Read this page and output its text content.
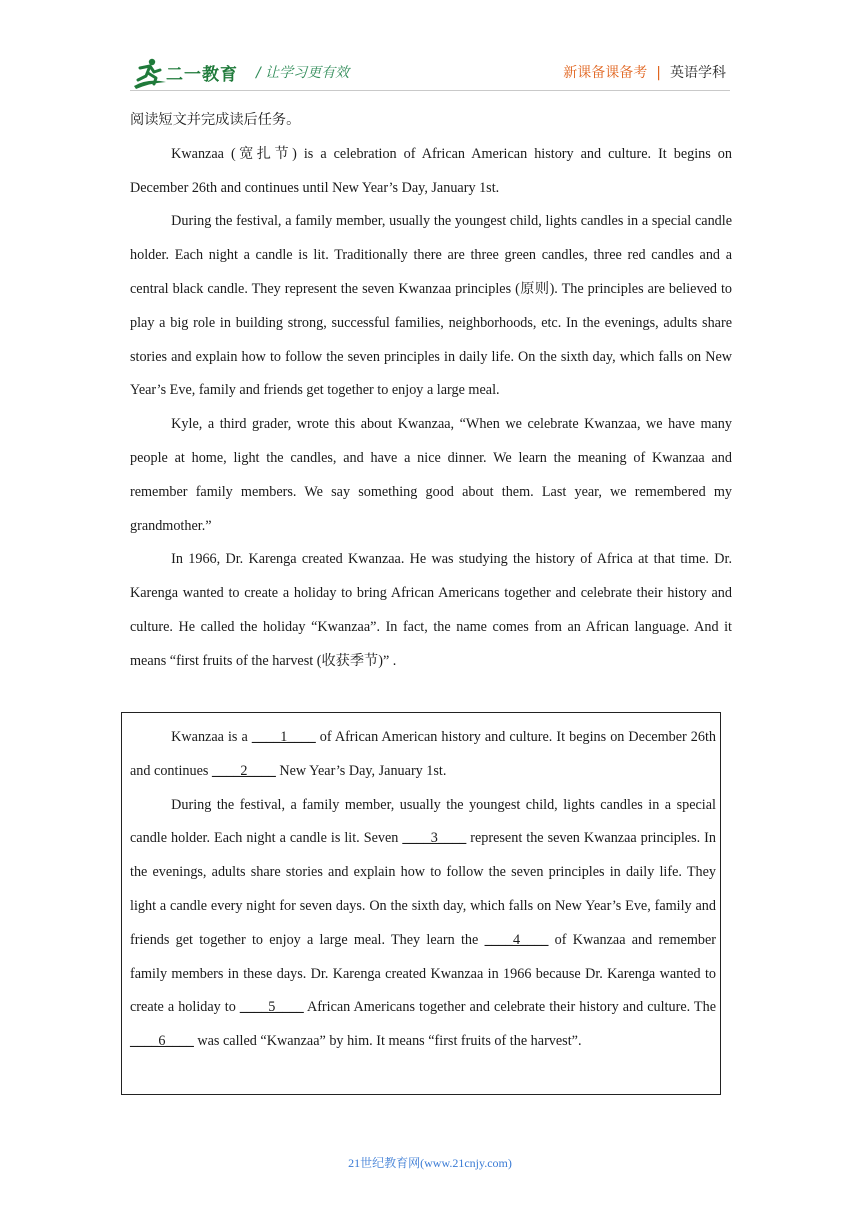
二一教育 / 让学习更有效	新课备课备考 | 英语学科

阅读短文并完成读后任务。

Kwanzaa (宽扎节) is a celebration of African American history and culture. It begins on December 26th and continues until New Year’s Day, January 1st.

During the festival, a family member, usually the youngest child, lights candles in a special candle holder. Each night a candle is lit. Traditionally there are three green candles, three red candles and a central black candle. They represent the seven Kwanzaa principles (原则). The principles are believed to play a big role in building strong, successful families, neighborhoods, etc. In the evenings, adults share stories and explain how to follow the seven principles in daily life. On the sixth day, which falls on New Year’s Eve, family and friends get together to enjoy a large meal.

Kyle, a third grader, wrote this about Kwanzaa, “When we celebrate Kwanzaa, we have many people at home, light the candles, and have a nice dinner. We learn the meaning of Kwanzaa and remember family members. We say something good about them. Last year, we remembered my grandmother.”

In 1966, Dr. Karenga created Kwanzaa. He was studying the history of Africa at that time. Dr. Karenga wanted to create a holiday to bring African Americans together and celebrate their history and culture. He called the holiday “Kwanzaa”. In fact, the name comes from an African language. And it means “first fruits of the harvest (收获季节)” .

Kwanzaa is a ____1____ of African American history and culture. It begins on December 26th and continues ____2____ New Year’s Day, January 1st.

During the festival, a family member, usually the youngest child, lights candles in a special candle holder. Each night a candle is lit. Seven ____3____ represent the seven Kwanzaa principles. In the evenings, adults share stories and explain how to follow the seven principles in daily life. They light a candle every night for seven days. On the sixth day, which falls on New Year’s Eve, family and friends get together to enjoy a large meal. They learn the ____4____ of Kwanzaa and remember family members in these days. Dr. Karenga created Kwanzaa in 1966 because Dr. Karenga wanted to create a holiday to ____5____ African Americans together and celebrate their history and culture. The ____6____ was called “Kwanzaa” by him. It means “first fruits of the harvest”.

21世纪教育网(www.21cnjy.com)
